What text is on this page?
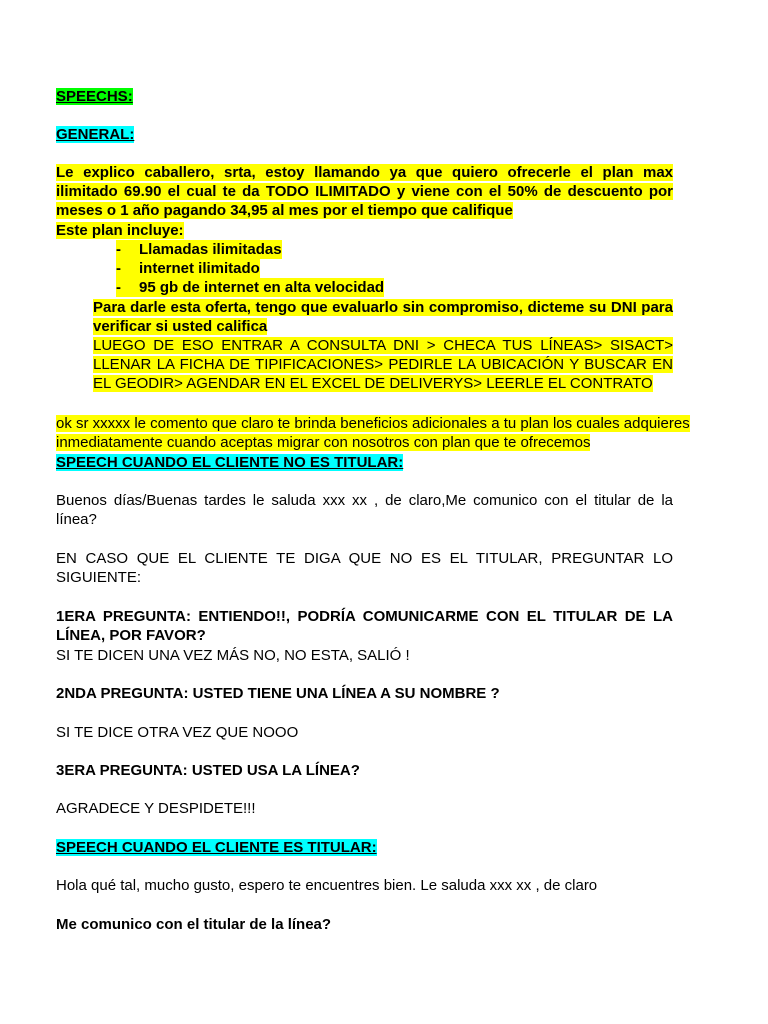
SPEECHS:

GENERAL:

Le explico caballero, srta, estoy llamando ya que quiero ofrecerle el plan max ilimitado 69.90 el cual te da TODO ILIMITADO y viene con el 50% de descuento por meses o 1 año pagando 34,95 al mes por el tiempo que califique

Este plan incluye:

- Llamadas ilimitadas
- internet ilimitado
- 95 gb de internet en alta velocidad

Para darle esta oferta, tengo que evaluarlo sin compromiso, dicteme su DNI para verificar si usted califica

LUEGO DE ESO ENTRAR A CONSULTA DNI > CHECA TUS LÍNEAS> SISACT> LLENAR LA FICHA DE TIPIFICACIONES> PEDIRLE LA UBICACIÓN Y BUSCAR EN EL GEODIR> AGENDAR EN EL EXCEL DE DELIVERYS> LEERLE EL CONTRATO

ok sr xxxxx le comento que claro te brinda beneficios adicionales a tu plan los cuales adquieres inmediatamente cuando aceptas migrar con nosotros con plan que te ofrecemos

SPEECH CUANDO EL CLIENTE NO ES TITULAR:

Buenos días/Buenas tardes le saluda xxx xx , de claro,Me comunico con el titular de la línea?

EN CASO QUE EL CLIENTE TE DIGA QUE NO ES EL TITULAR, PREGUNTAR LO SIGUIENTE:

1ERA PREGUNTA: ENTIENDO!!, PODRÍA COMUNICARME CON EL TITULAR DE LA LÍNEA, POR FAVOR?

SI TE DICEN UNA VEZ MÁS NO, NO ESTA, SALIÓ !

2NDA PREGUNTA: USTED TIENE UNA LÍNEA A SU NOMBRE ?

SI TE DICE OTRA VEZ QUE NOOO

3ERA PREGUNTA: USTED USA LA LÍNEA?

AGRADECE Y DESPIDETE!!!

SPEECH CUANDO EL CLIENTE ES TITULAR:

Hola qué tal, mucho gusto, espero te encuentres bien. Le saluda xxx xx , de claro

Me comunico con el titular de la línea?
